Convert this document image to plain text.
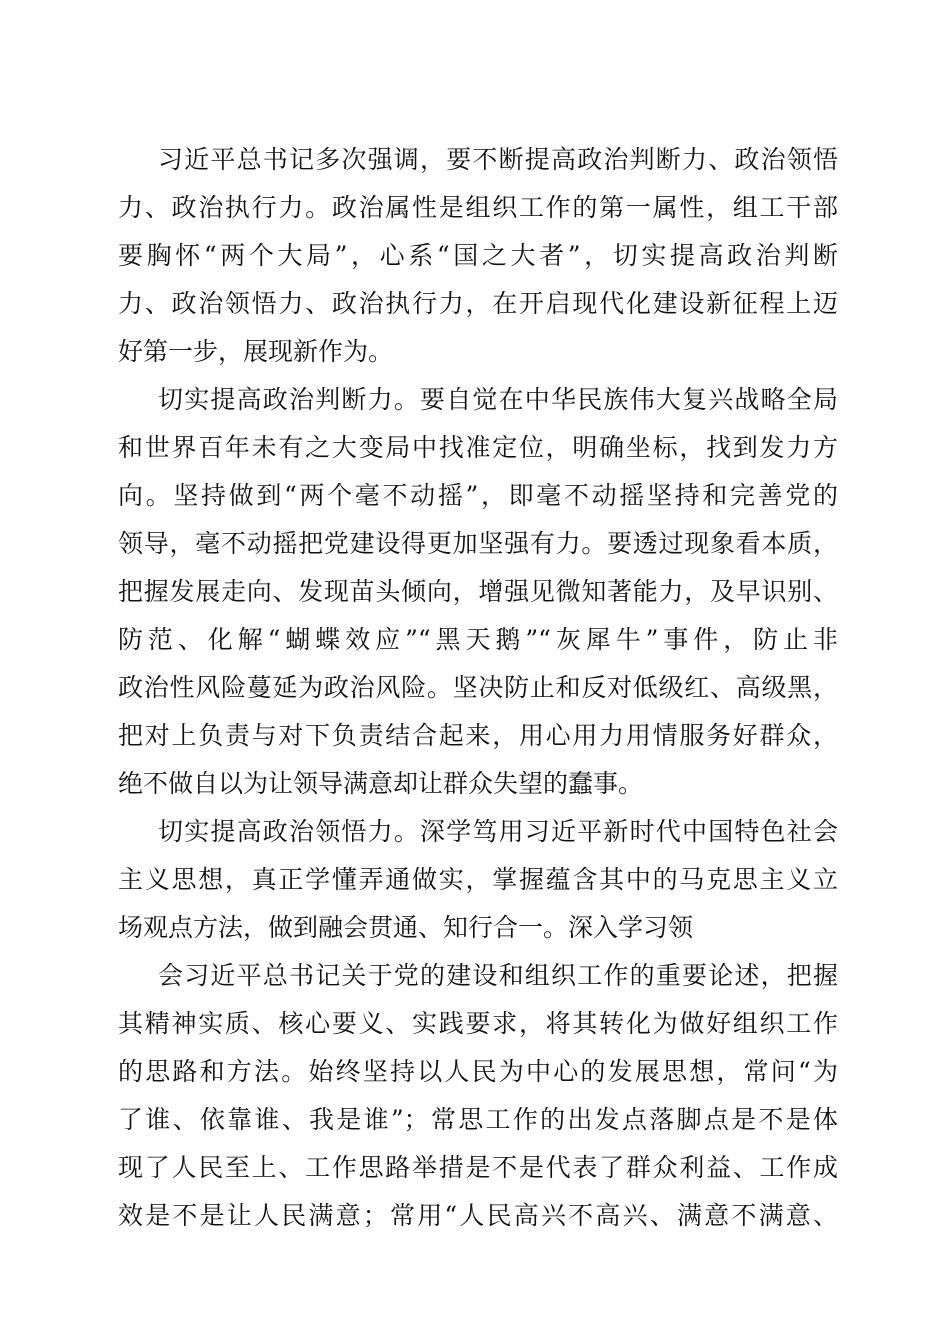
习近平总书记多次强调，要不断提高政治判断力、政治领悟
力、政治执行力。政治属性是组织工作的第一属性，组工干部
要胸怀“两个大局”，心系“国之大者”，切实提高政治判断
力、政治领悟力、政治执行力，在开启现代化建设新征程上迈
好第一步，展现新作为。
切实提高政治判断力。要自觉在中华民族伟大复兴战略全局
和世界百年未有之大变局中找准定位，明确坐标，找到发力方
向。坚持做到“两个毫不动摇”，即毫不动摇坚持和完善党的
领导，毫不动摇把党建设得更加坚强有力。要透过现象看本质，
把握发展走向、发现苗头倾向，增强见微知著能力，及早识别、
防范、化解“蝴蝶效应”“黑天鹅”“灰犀牛”事件，防止非
政治性风险蔓延为政治风险。坚决防止和反对低级红、高级黑，
把对上负责与对下负责结合起来，用心用力用情服务好群众，
绝不做自以为让领导满意却让群众失望的蠢事。
切实提高政治领悟力。深学笃用习近平新时代中国特色社会
主义思想，真正学懂弄通做实，掌握蕴含其中的马克思主义立
场观点方法，做到融会贯通、知行合一。深入学习领
会习近平总书记关于党的建设和组织工作的重要论述，把握
其精神实质、核心要义、实践要求，将其转化为做好组织工作
的思路和方法。始终坚持以人民为中心的发展思想，常问“为
了谁、依靠谁、我是谁”；常思工作的出发点落脚点是不是体
现了人民至上、工作思路举措是不是代表了群众利益、工作成
效是不是让人民满意；常用“人民高兴不高兴、满意不满意、
